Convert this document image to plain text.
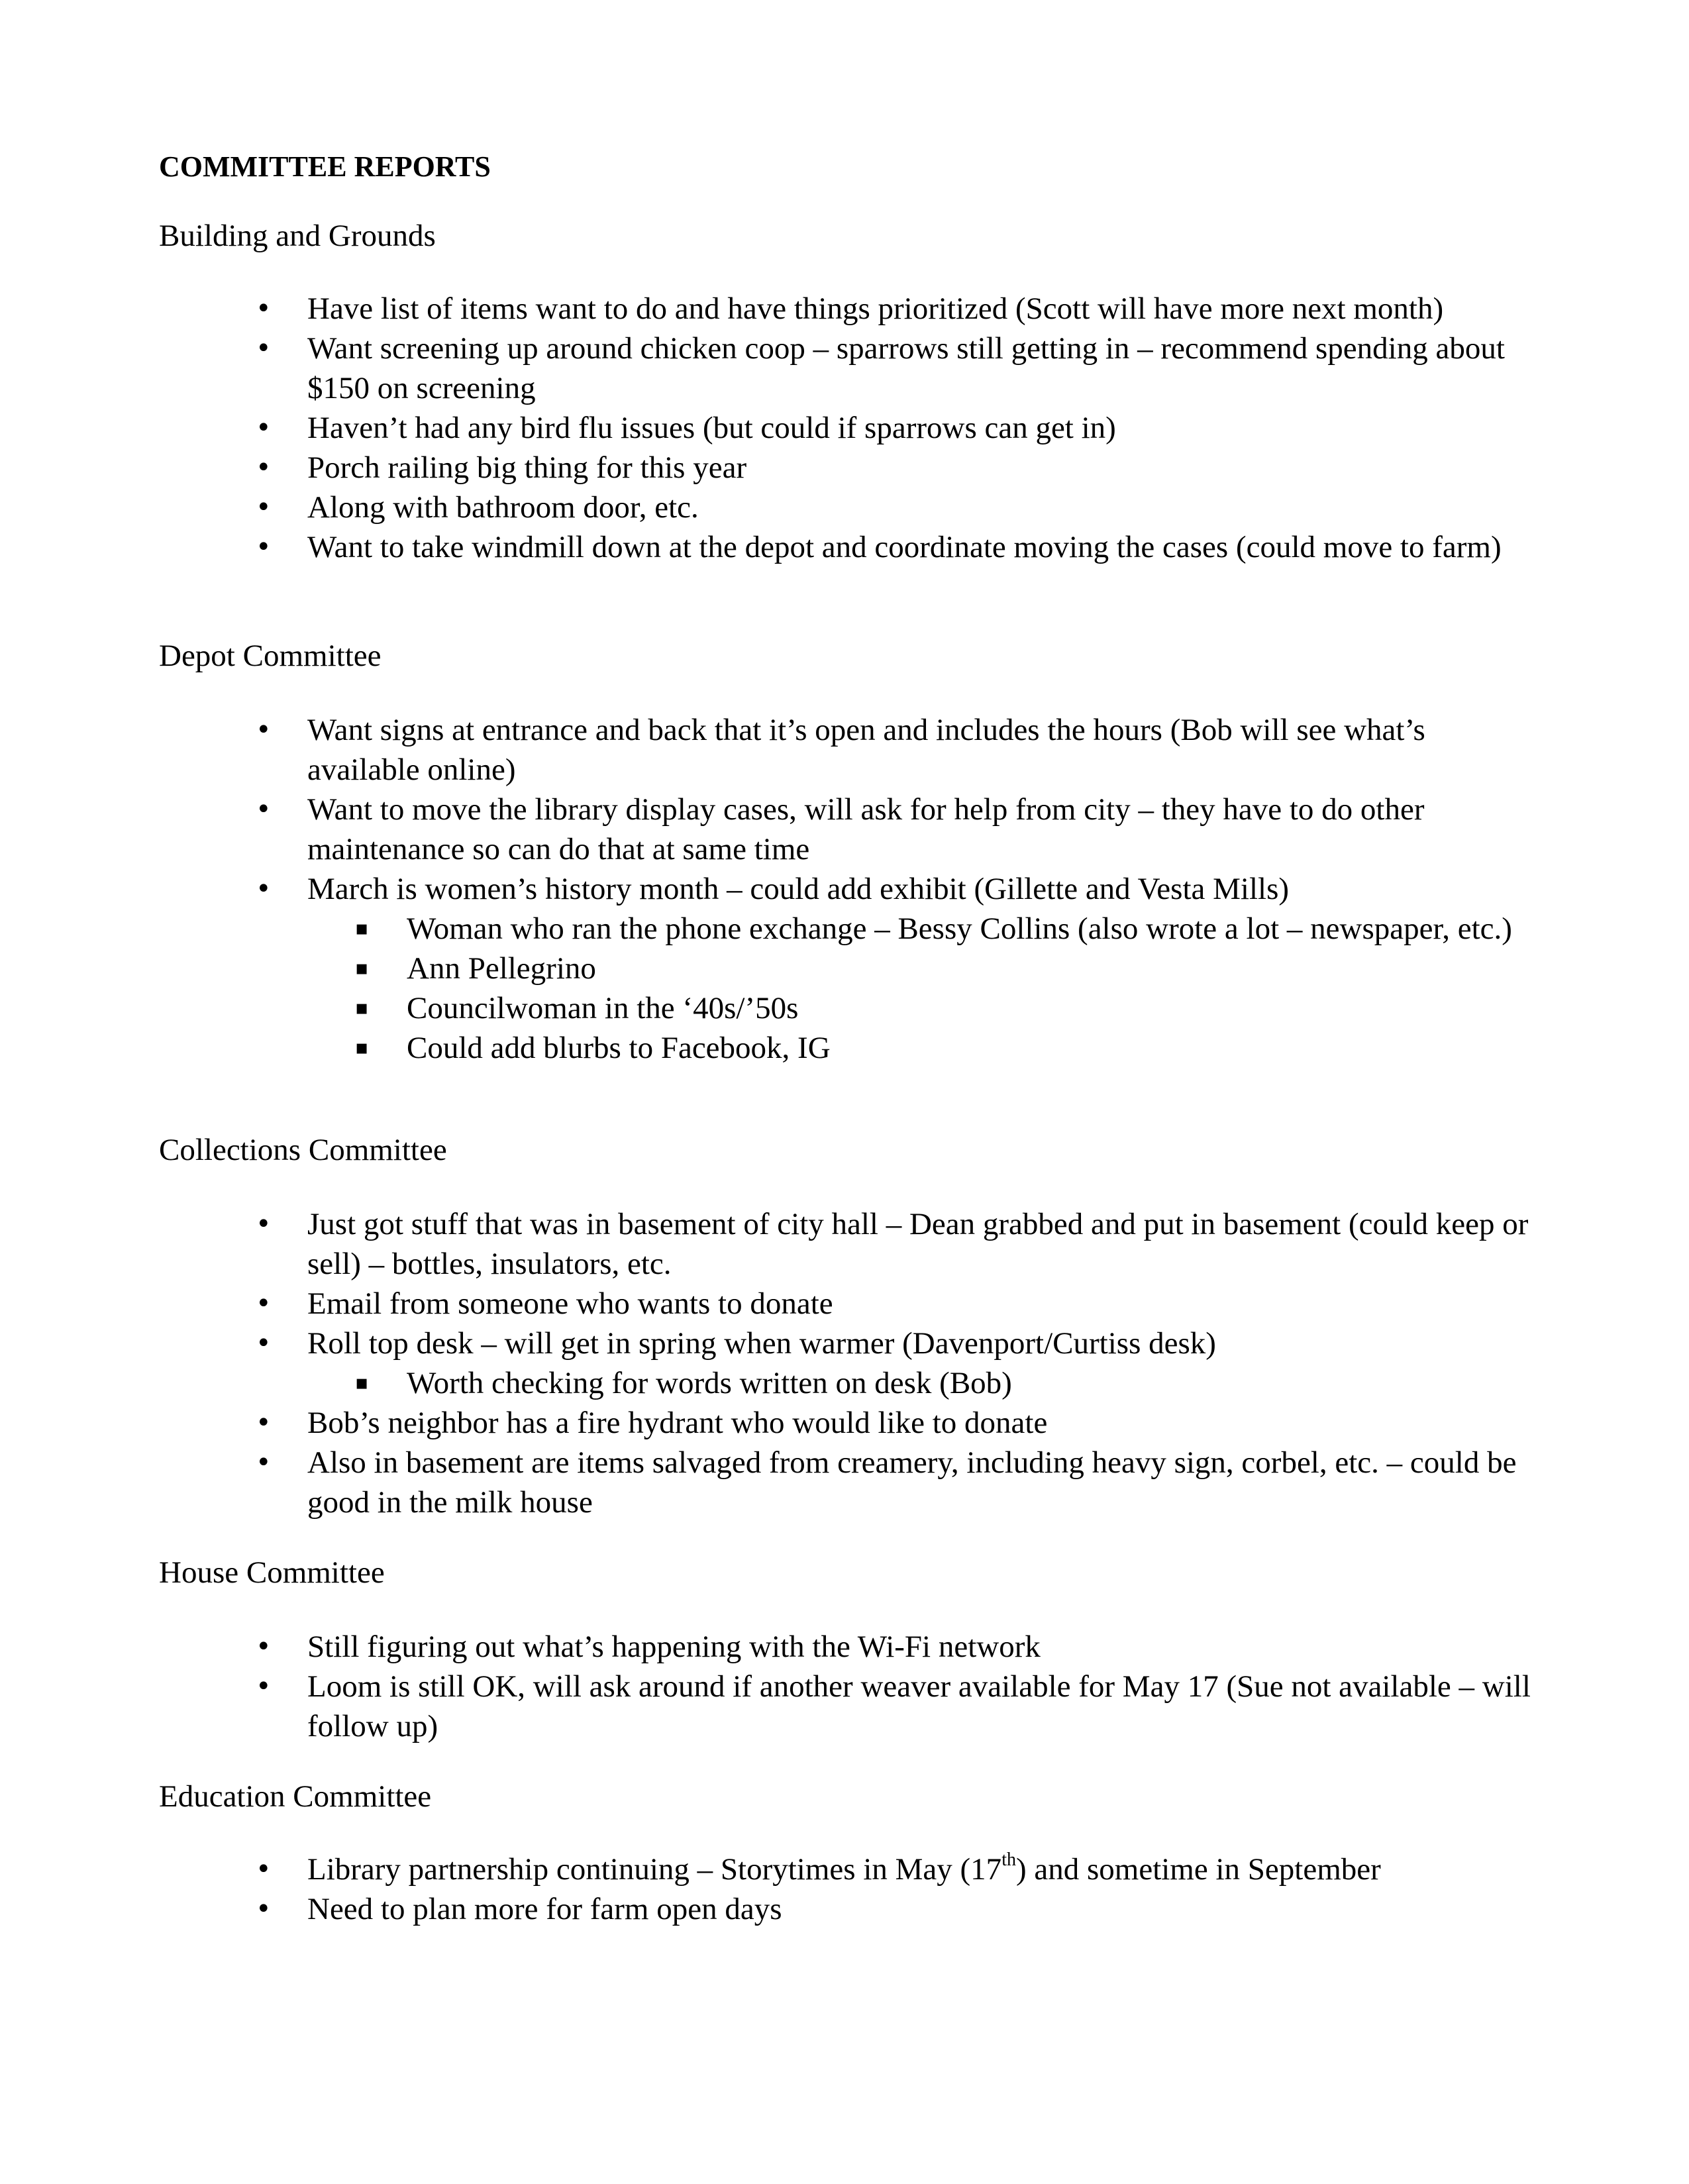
COMMITTEE REPORTS
Building and Grounds
• Have list of items want to do and have things prioritized (Scott will have more next month)
• Want screening up around chicken coop – sparrows still getting in – recommend spending about $150 on screening
• Haven’t had any bird flu issues (but could if sparrows can get in)
• Porch railing big thing for this year
• Along with bathroom door, etc.
• Want to take windmill down at the depot and coordinate moving the cases (could move to farm)
Depot Committee
• Want signs at entrance and back that it’s open and includes the hours (Bob will see what’s available online)
• Want to move the library display cases, will ask for help from city – they have to do other maintenance so can do that at same time
• March is women’s history month – could add exhibit (Gillette and Vesta Mills)
▪ Woman who ran the phone exchange – Bessy Collins (also wrote a lot – newspaper, etc.)
▪ Ann Pellegrino
▪ Councilwoman in the ‘40s/’50s
▪ Could add blurbs to Facebook, IG
Collections Committee
• Just got stuff that was in basement of city hall – Dean grabbed and put in basement (could keep or sell) – bottles, insulators, etc.
• Email from someone who wants to donate
• Roll top desk – will get in spring when warmer (Davenport/Curtiss desk)
▪ Worth checking for words written on desk (Bob)
• Bob’s neighbor has a fire hydrant who would like to donate
• Also in basement are items salvaged from creamery, including heavy sign, corbel, etc. – could be good in the milk house
House Committee
• Still figuring out what’s happening with the Wi-Fi network
• Loom is still OK, will ask around if another weaver available for May 17 (Sue not available – will follow up)
Education Committee
• Library partnership continuing – Storytimes in May (17th) and sometime in September
• Need to plan more for farm open days
